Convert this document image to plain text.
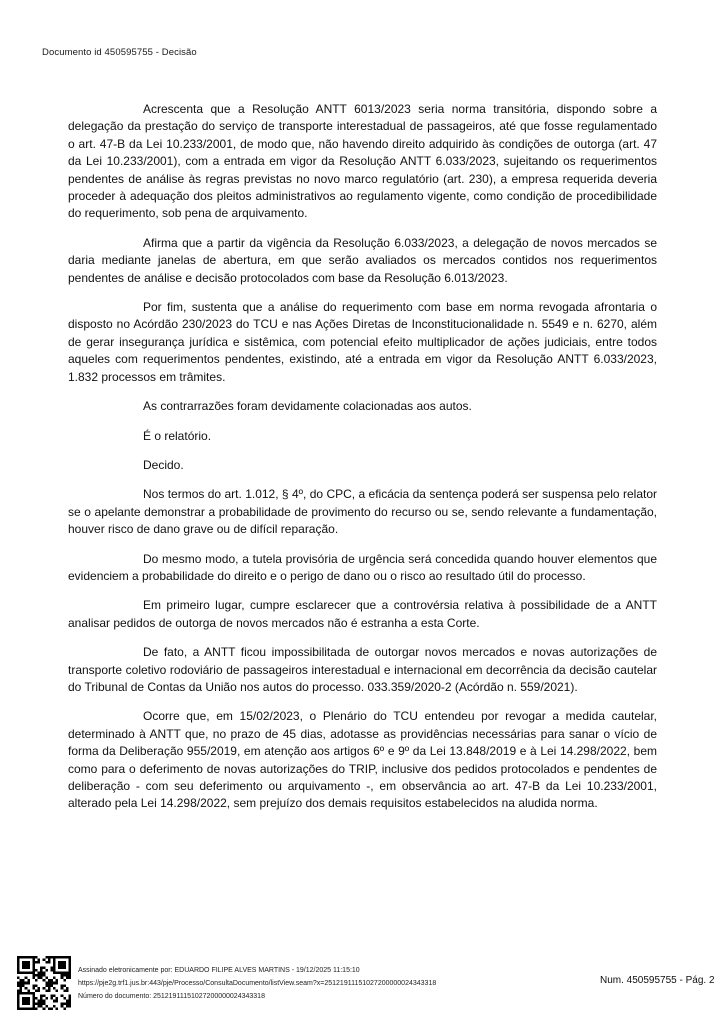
Documento id 450595755 - Decisão

Acrescenta que a Resolução ANTT 6013/2023 seria norma transitória, dispondo sobre a delegação da prestação do serviço de transporte interestadual de passageiros, até que fosse regulamentado o art. 47-B da Lei 10.233/2001, de modo que, não havendo direito adquirido às condições de outorga (art. 47 da Lei 10.233/2001), com a entrada em vigor da Resolução ANTT 6.033/2023, sujeitando os requerimentos pendentes de análise às regras previstas no novo marco regulatório (art. 230), a empresa requerida deveria proceder à adequação dos pleitos administrativos ao regulamento vigente, como condição de procedibilidade do requerimento, sob pena de arquivamento.

Afirma que a partir da vigência da Resolução 6.033/2023, a delegação de novos mercados se daria mediante janelas de abertura, em que serão avaliados os mercados contidos nos requerimentos pendentes de análise e decisão protocolados com base da Resolução 6.013/2023.

Por fim, sustenta que a análise do requerimento com base em norma revogada afrontaria o disposto no Acórdão 230/2023 do TCU e nas Ações Diretas de Inconstitucionalidade n. 5549 e n. 6270, além de gerar insegurança jurídica e sistêmica, com potencial efeito multiplicador de ações judiciais, entre todos aqueles com requerimentos pendentes, existindo, até a entrada em vigor da Resolução ANTT 6.033/2023, 1.832 processos em trâmites.

As contrarrazões foram devidamente colacionadas aos autos.

É o relatório.

Decido.

Nos termos do art. 1.012, § 4º, do CPC, a eficácia da sentença poderá ser suspensa pelo relator se o apelante demonstrar a probabilidade de provimento do recurso ou se, sendo relevante a fundamentação, houver risco de dano grave ou de difícil reparação.

Do mesmo modo, a tutela provisória de urgência será concedida quando houver elementos que evidenciem a probabilidade do direito e o perigo de dano ou o risco ao resultado útil do processo.

Em primeiro lugar, cumpre esclarecer que a controvérsia relativa à possibilidade de a ANTT analisar pedidos de outorga de novos mercados não é estranha a esta Corte.

De fato, a ANTT ficou impossibilitada de outorgar novos mercados e novas autorizações de transporte coletivo rodoviário de passageiros interestadual e internacional em decorrência da decisão cautelar do Tribunal de Contas da União nos autos do processo. 033.359/2020-2 (Acórdão n. 559/2021).

Ocorre que, em 15/02/2023, o Plenário do TCU entendeu por revogar a medida cautelar, determinado à ANTT que, no prazo de 45 dias, adotasse as providências necessárias para sanar o vício de forma da Deliberação 955/2019, em atenção aos artigos 6º e 9º da Lei 13.848/2019 e à Lei 14.298/2022, bem como para o deferimento de novas autorizações do TRIP, inclusive dos pedidos protocolados e pendentes de deliberação - com seu deferimento ou arquivamento -, em observância ao art. 47-B da Lei 10.233/2001, alterado pela Lei 14.298/2022, sem prejuízo dos demais requisitos estabelecidos na aludida norma.

Assinado eletronicamente por: EDUARDO FILIPE ALVES MARTINS - 19/12/2025 11:15:10
https://pje2g.trf1.jus.br:443/pje/Processo/ConsultaDocumento/listView.seam?x=25121911151027200000024343318
Número do documento: 25121911151027200000024343318
Num. 450595755 - Pág. 2
